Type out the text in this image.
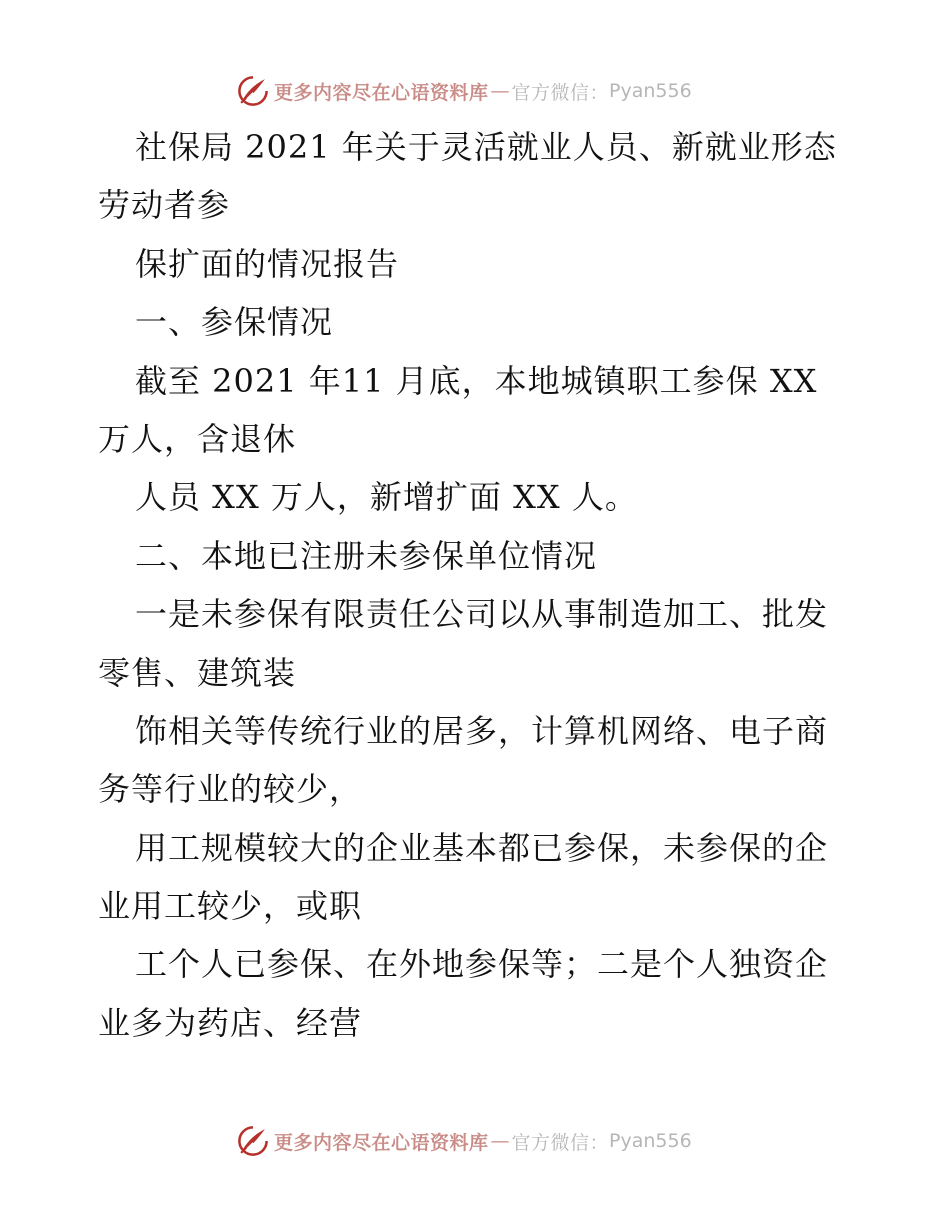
更多内容尽在心语资料库 — 官方微信： Pyan556
社保局 2021 年关于灵活就业人员、新就业形态
劳动者参
保扩面的情况报告
一、参保情况
截至 2021 年11 月底，本地城镇职工参保 XX
万人，含退休
人员 XX 万人，新增扩面 XX 人。
二、本地已注册未参保单位情况
一是未参保有限责任公司以从事制造加工、批发
零售、建筑装
饰相关等传统行业的居多，计算机网络、电子商
务等行业的较少，
用工规模较大的企业基本都已参保，未参保的企
业用工较少，或职
工个人已参保、在外地参保等；二是个人独资企
业多为药店、经营
更多内容尽在心语资料库 — 官方微信： Pyan556
